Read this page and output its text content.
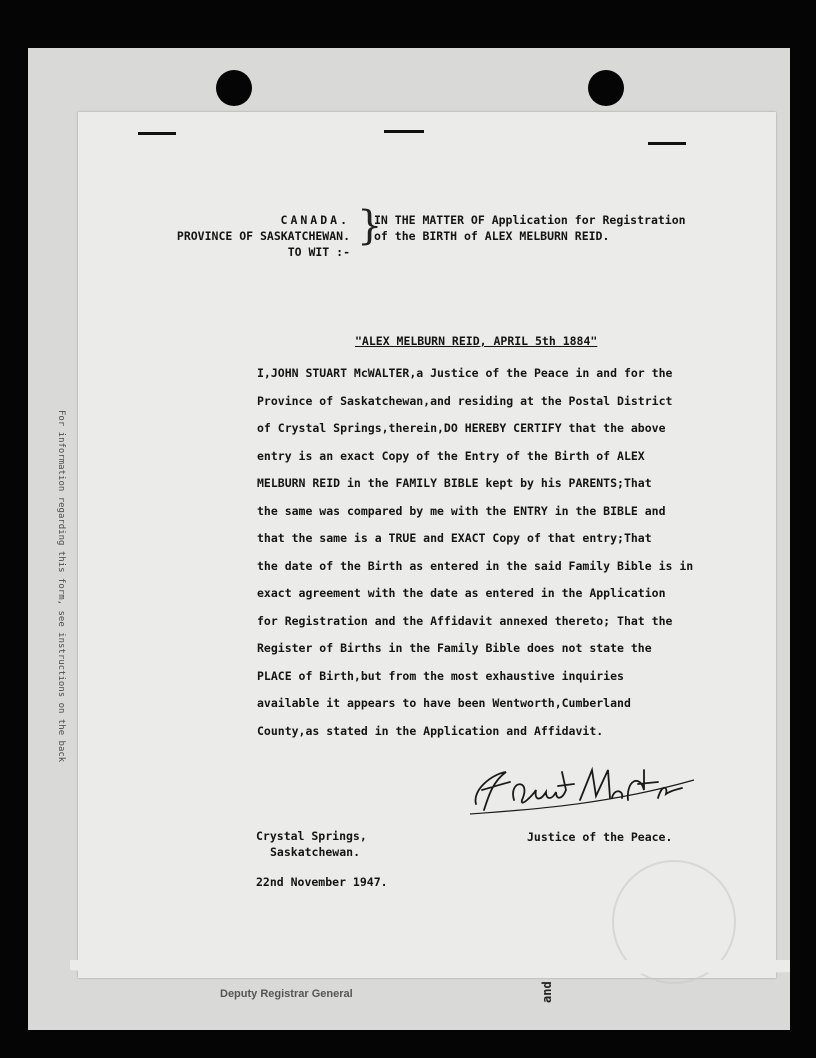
For information regarding this form, see instructions on the back
CANADA.
PROVINCE OF SASKATCHEWAN.
TO WIT :-
}
IN THE MATTER OF Application for Registration
of the BIRTH of ALEX MELBURN REID.
"ALEX MELBURN REID, APRIL 5th 1884"
I,JOHN STUART McWALTER,a Justice of the Peace in and for the
Province of Saskatchewan,and residing at the Postal District
of Crystal Springs,therein,DO HEREBY CERTIFY that the above
entry is an exact Copy of the Entry of the Birth of ALEX
MELBURN REID in the FAMILY BIBLE kept by his PARENTS;That
the same was compared by me with the ENTRY in the BIBLE and
that the same is a TRUE and EXACT Copy of that entry;That
the date of the Birth as entered in the said Family Bible is in
exact agreement with the date as entered in the Application
for Registration and the Affidavit annexed thereto; That the
Register of Births in the Family Bible does not state the
PLACE of Birth,but from the most exhaustive inquiries
available it appears to have been Wentworth,Cumberland
County,as stated in the Application and Affidavit.
Crystal Springs,
Saskatchewan.
Justice of the Peace.
22nd November 1947.
Deputy Registrar General	and
